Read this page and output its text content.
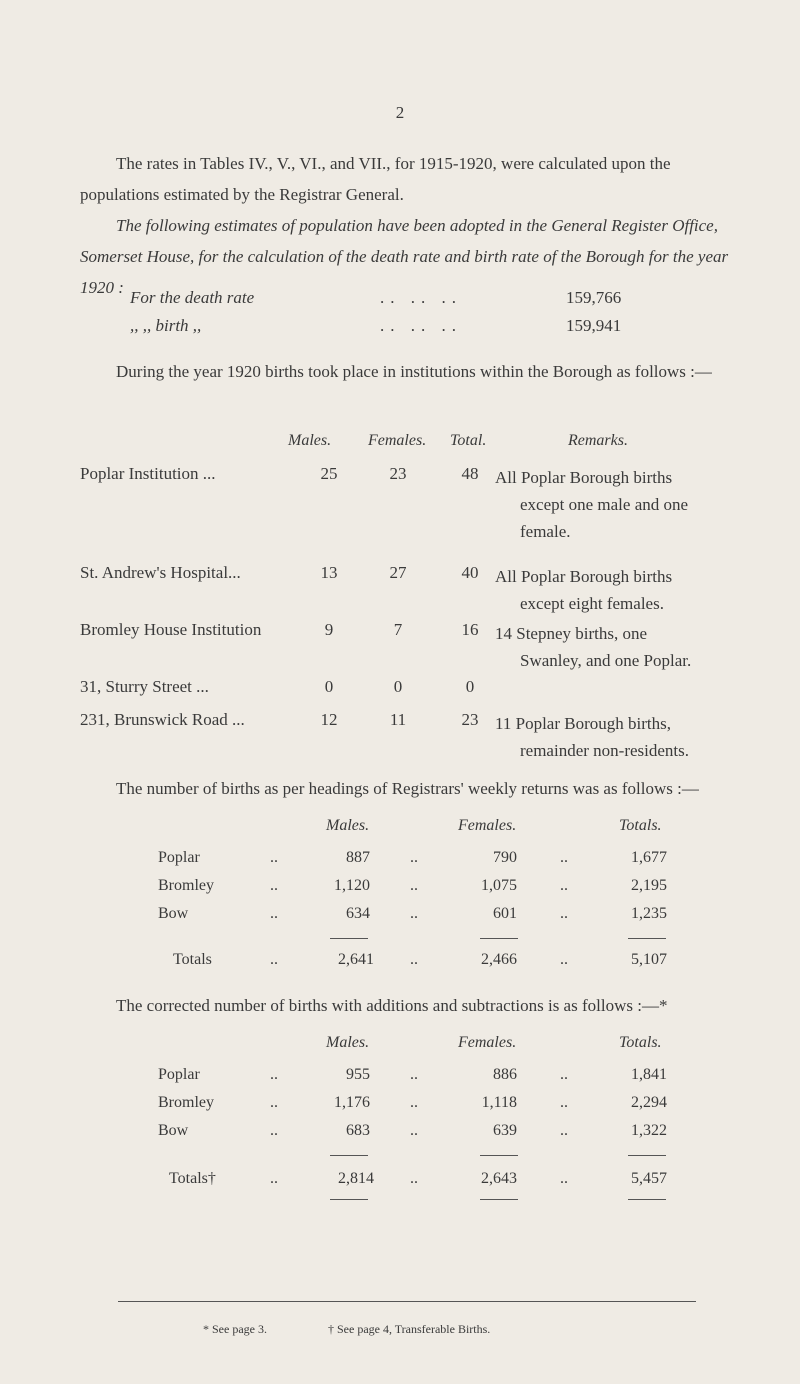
2
The rates in Tables IV., V., VI., and VII., for 1915-1920, were calculated upon the populations estimated by the Registrar General.
The following estimates of population have been adopted in the General Register Office, Somerset House, for the calculation of the death rate and birth rate of the Borough for the year 1920 :
For the death rate	.. .. ..	159,766
,, ,, birth ,,	.. .. ..	159,941
During the year 1920 births took place in institutions within the Borough as follows :—
Males. Females. Total.	Remarks.
Poplar Institution ...	25	23	48 All Poplar Borough births
except one male and one
female.
St. Andrew's Hospital...	13	27	40 All Poplar Borough births
except eight females.
Bromley House Institution	9	7	16 14 Stepney births, one
Swanley, and one Poplar.
31, Sturry Street ...	0	0	0
231, Brunswick Road ...	12	11	23 11 Poplar Borough births,
remainder non-residents.
The number of births as per headings of Registrars' weekly returns was as follows :—
Males.	Females.	Totals.
Poplar	..	887	..	790	..	1,677
Bromley	..	1,120	..	1,075	..	2,195
Bow	..	634	..	601	..	1,235
Totals	..	2,641 ..	2,466	..	5,107
The corrected number of births with additions and subtractions is as follows :—*
Males.	Females.	Totals.
Poplar	..	955	..	886	..	1,841
Bromley	..	1,176	..	1,118	..	2,294
Bow	..	683	..	639	..	1,322
Totals†	..	2,814 ..	2,643	..	5,457
* See page 3.	† See page 4, Transferable Births.
